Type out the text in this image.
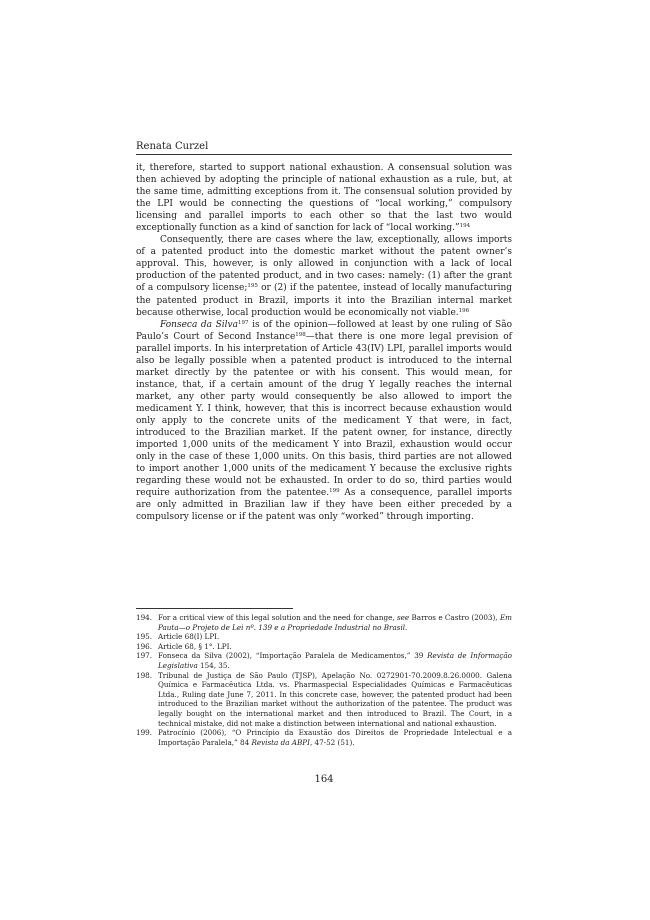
Renata Curzel

it, therefore, started to support national exhaustion. A consensual solution was then achieved by adopting the principle of national exhaustion as a rule, but, at the same time, admitting exceptions from it. The consensual solution provided by the LPI would be connecting the questions of “local working,” compulsory licensing and parallel imports to each other so that the last two would exceptionally function as a kind of sanction for lack of “local working.”$^{194}$

Consequently, there are cases where the law, exceptionally, allows imports of a patented product into the domestic market without the patent owner’s approval. This, however, is only allowed in conjunction with a lack of local production of the patented product, and in two cases: namely: (1) after the grant of a compulsory license;$^{195}$ or (2) if the patentee, instead of locally manufacturing the patented product in Brazil, imports it into the Brazilian internal market because otherwise, local production would be economically not viable.$^{196}$

Fonseca da Silva$^{197}$ is of the opinion—followed at least by one ruling of São Paulo’s Court of Second Instance$^{198}$—that there is one more legal prevision of parallel imports. In his interpretation of Article 43(IV) LPI, parallel imports would also be legally possible when a patented product is introduced to the internal market directly by the patentee or with his consent. This would mean, for instance, that, if a certain amount of the drug Y legally reaches the internal market, any other party would consequently be also allowed to import the medicament Y. I think, however, that this is incorrect because exhaustion would only apply to the concrete units of the medicament Y that were, in fact, introduced to the Brazilian market. If the patent owner, for instance, directly imported 1,000 units of the medicament Y into Brazil, exhaustion would occur only in the case of these 1,000 units. On this basis, third parties are not allowed to import another 1,000 units of the medicament Y because the exclusive rights regarding these would not be exhausted. In order to do so, third parties would require authorization from the patentee.$^{199}$ As a consequence, parallel imports are only admitted in Brazilian law if they have been either preceded by a compulsory license or if the patent was only “worked” through importing.

194. For a critical view of this legal solution and the need for change, see Barros e Castro (2003), Em Pauta—o Projeto de Lei nº. 139 e a Propriedade Industrial no Brasil.
195. Article 68(I) LPI.
196. Article 68, § 1°. LPI.
197. Fonseca da Silva (2002), “Importação Paralela de Medicamentos,” 39 Revista de Informação Legislativa 154, 35.
198. Tribunal de Justiça de São Paulo (TJSP), Apelação No. 0272901-70.2009.8.26.0000. Galena Química e Farmacêutica Ltda. vs. Pharmaspecial Especialidades Químicas e Farmacêuticas Ltda., Ruling date June 7, 2011. In this concrete case, however, the patented product had been introduced to the Brazilian market without the authorization of the patentee. The product was legally bought on the international market and then introduced to Brazil. The Court, in a technical mistake, did not make a distinction between international and national exhaustion.
199. Patrocínio (2006), “O Princípio da Exaustão dos Direitos de Propriedade Intelectual e a Importação Paralela,” 84 Revista da ABPI, 47-52 (51).
164
